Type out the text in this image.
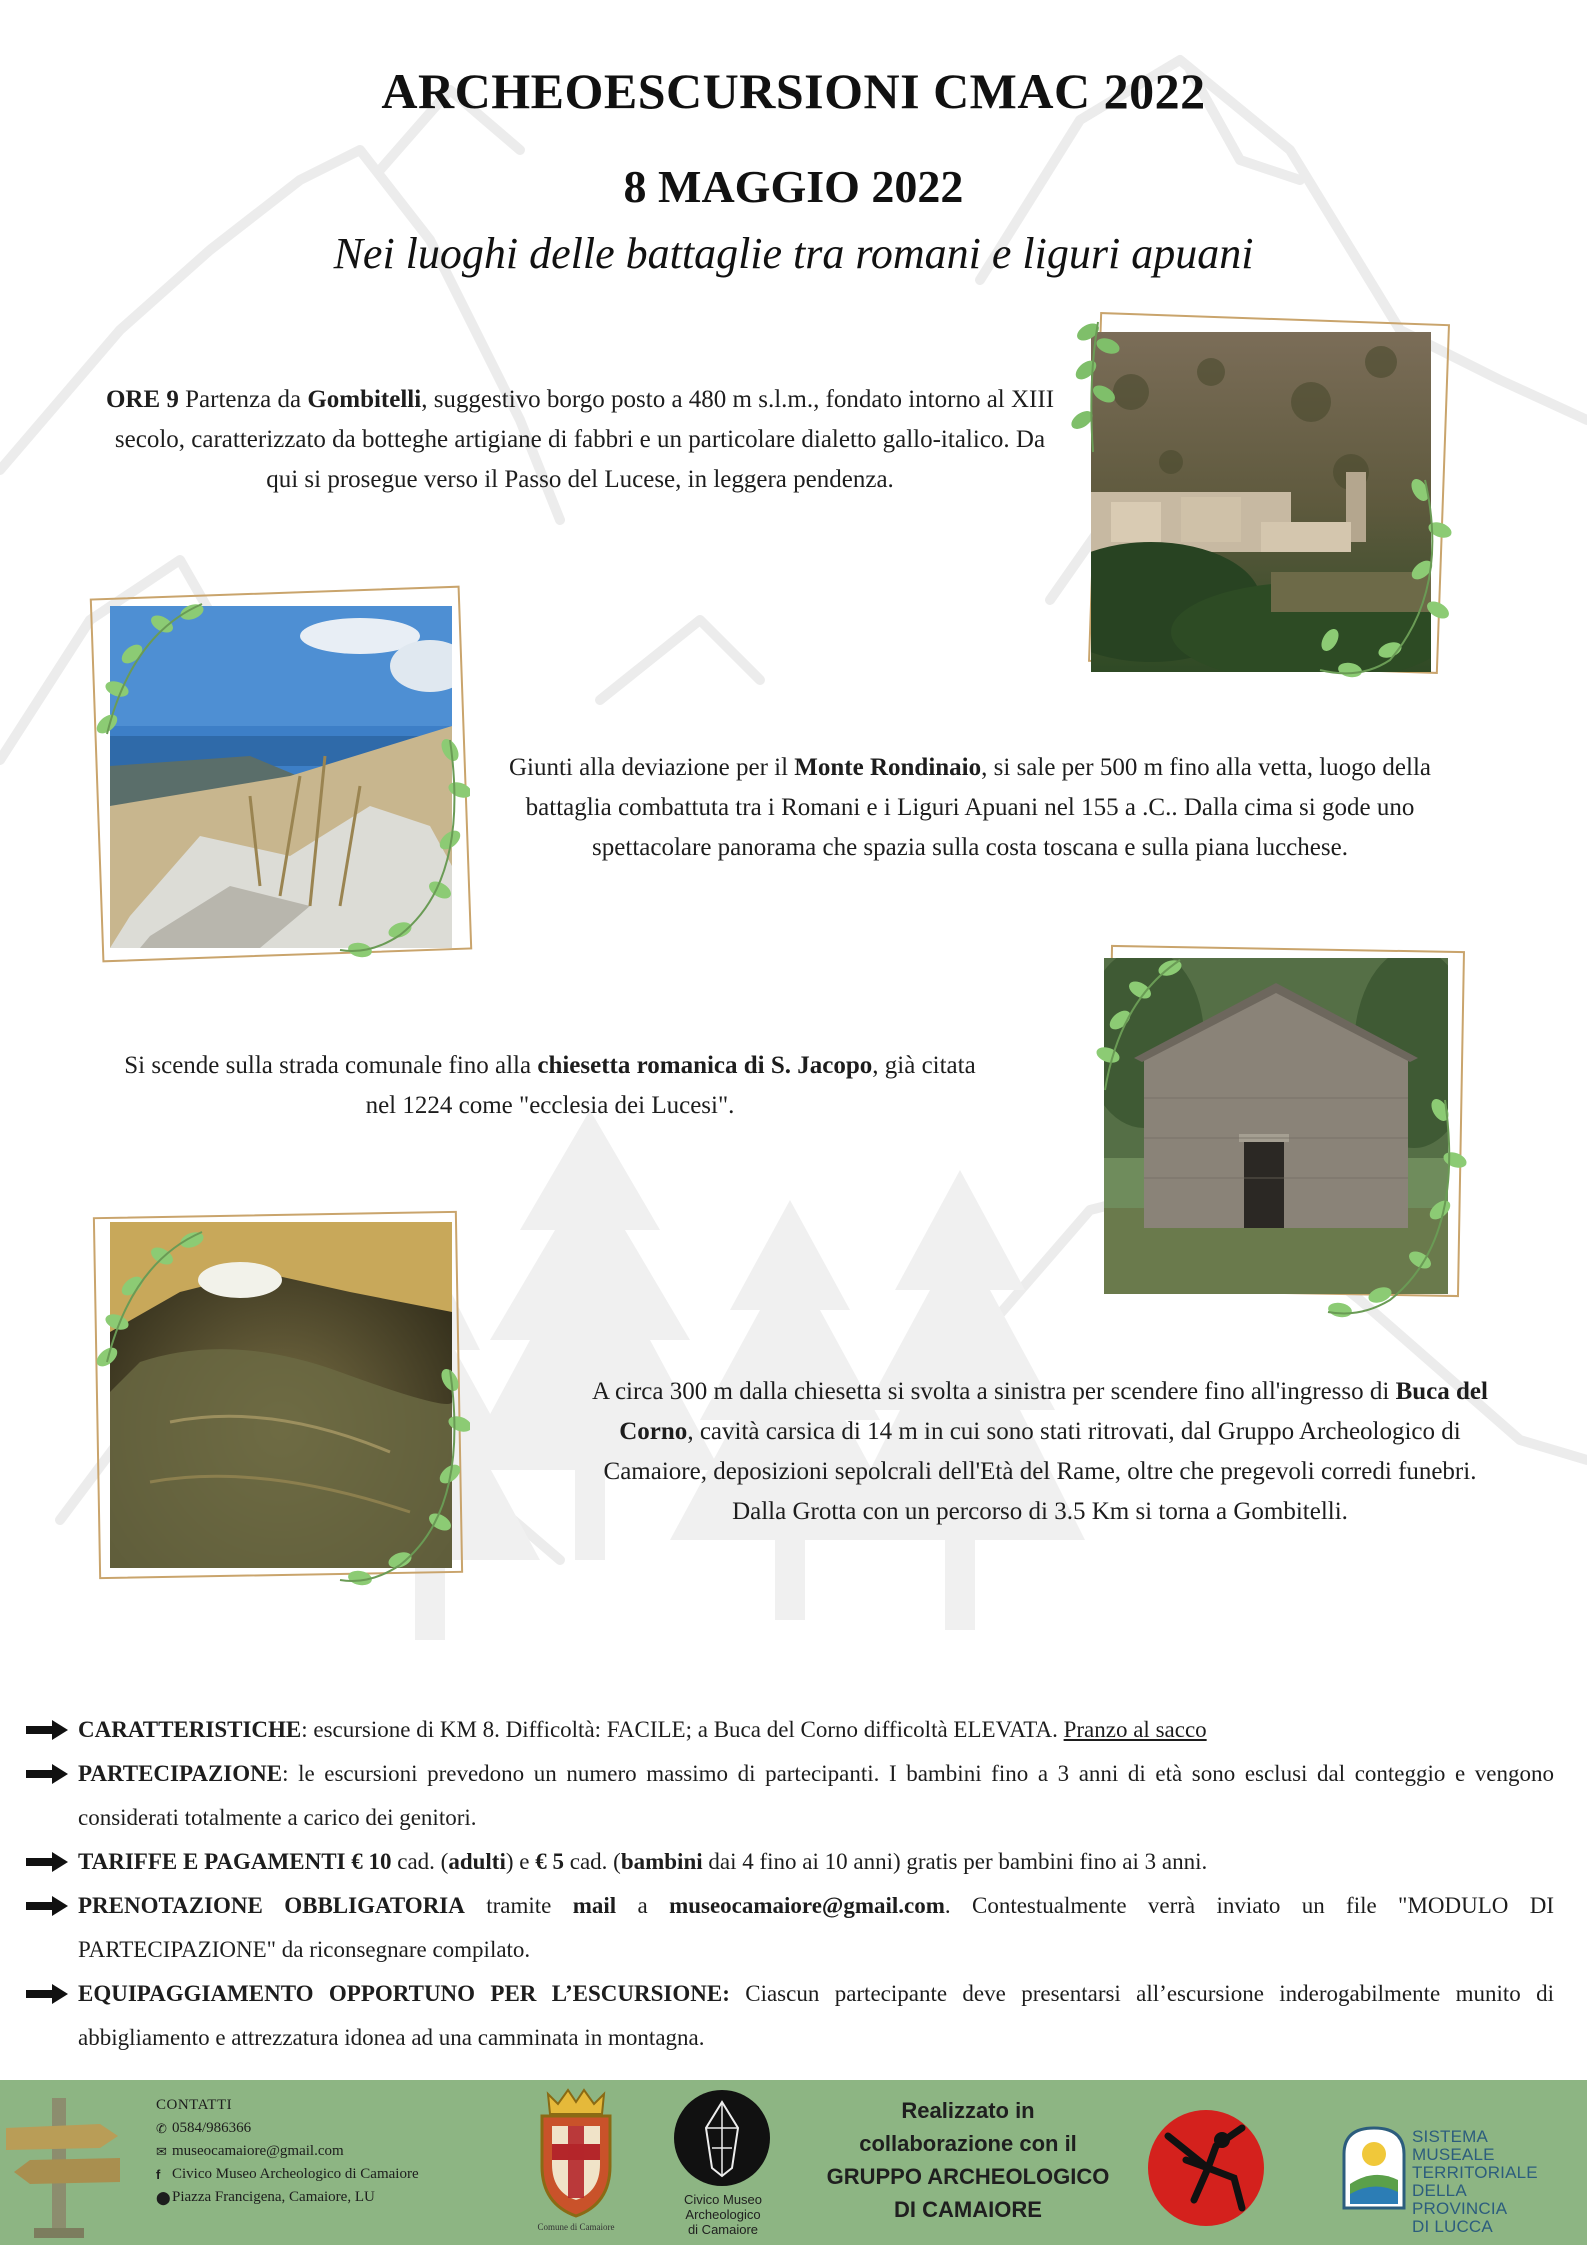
ARCHEOESCURSIONI CMAC 2022
8 MAGGIO 2022
Nei luoghi delle battaglie tra romani e liguri apuani
ORE 9 Partenza da Gombitelli, suggestivo borgo posto a 480 m s.l.m., fondato intorno al XIII secolo, caratterizzato da botteghe artigiane di fabbri e un particolare dialetto gallo-italico. Da qui si prosegue verso il Passo del Lucese, in leggera pendenza.
Giunti alla deviazione per il Monte Rondinaio, si sale per 500 m fino alla vetta, luogo della battaglia combattuta tra i Romani e i Liguri Apuani nel 155 a .C.. Dalla cima si gode uno spettacolare panorama che spazia sulla costa toscana e sulla piana lucchese.
Si scende sulla strada comunale fino alla chiesetta romanica di S. Jacopo, già citata nel 1224 come "ecclesia dei Lucesi".
A circa 300 m dalla chiesetta si svolta a sinistra per scendere fino all'ingresso di Buca del Corno, cavità carsica di 14 m in cui sono stati ritrovati, dal Gruppo Archeologico di Camaiore, deposizioni sepolcrali dell'Età del Rame, oltre che pregevoli corredi funebri. Dalla Grotta con un percorso di 3.5 Km si torna a Gombitelli.
CARATTERISTICHE: escursione di KM 8. Difficoltà: FACILE; a Buca del Corno difficoltà ELEVATA. Pranzo al sacco
PARTECIPAZIONE: le escursioni prevedono un numero massimo di partecipanti. I bambini fino a 3 anni di età sono esclusi dal conteggio e vengono considerati totalmente a carico dei genitori.
TARIFFE E PAGAMENTI € 10 cad. (adulti) e € 5 cad. (bambini dai 4 fino ai 10 anni) gratis per bambini fino ai 3 anni.
PRENOTAZIONE OBBLIGATORIA tramite mail a museocamaiore@gmail.com. Contestualmente verrà inviato un file "MODULO DI PARTECIPAZIONE" da riconsegnare compilato.
EQUIPAGGIAMENTO OPPORTUNO PER L’ESCURSIONE: Ciascun partecipante deve presentarsi all’escursione inderogabilmente munito di abbigliamento e attrezzatura idonea ad una camminata in montagna.
CONTATTI
✆ 0584/986366
✉ museocamaiore@gmail.com
f Civico Museo Archeologico di Camaiore
⬤ Piazza Francigena, Camaiore, LU
Comune di Camaiore
Civico Museo
Archeologico
di Camaiore
Realizzato in
collaborazione con il
GRUPPO ARCHEOLOGICO
DI CAMAIORE
SISTEMA MUSEALE
TERRITORIALE
DELLA PROVINCIA
DI LUCCA
